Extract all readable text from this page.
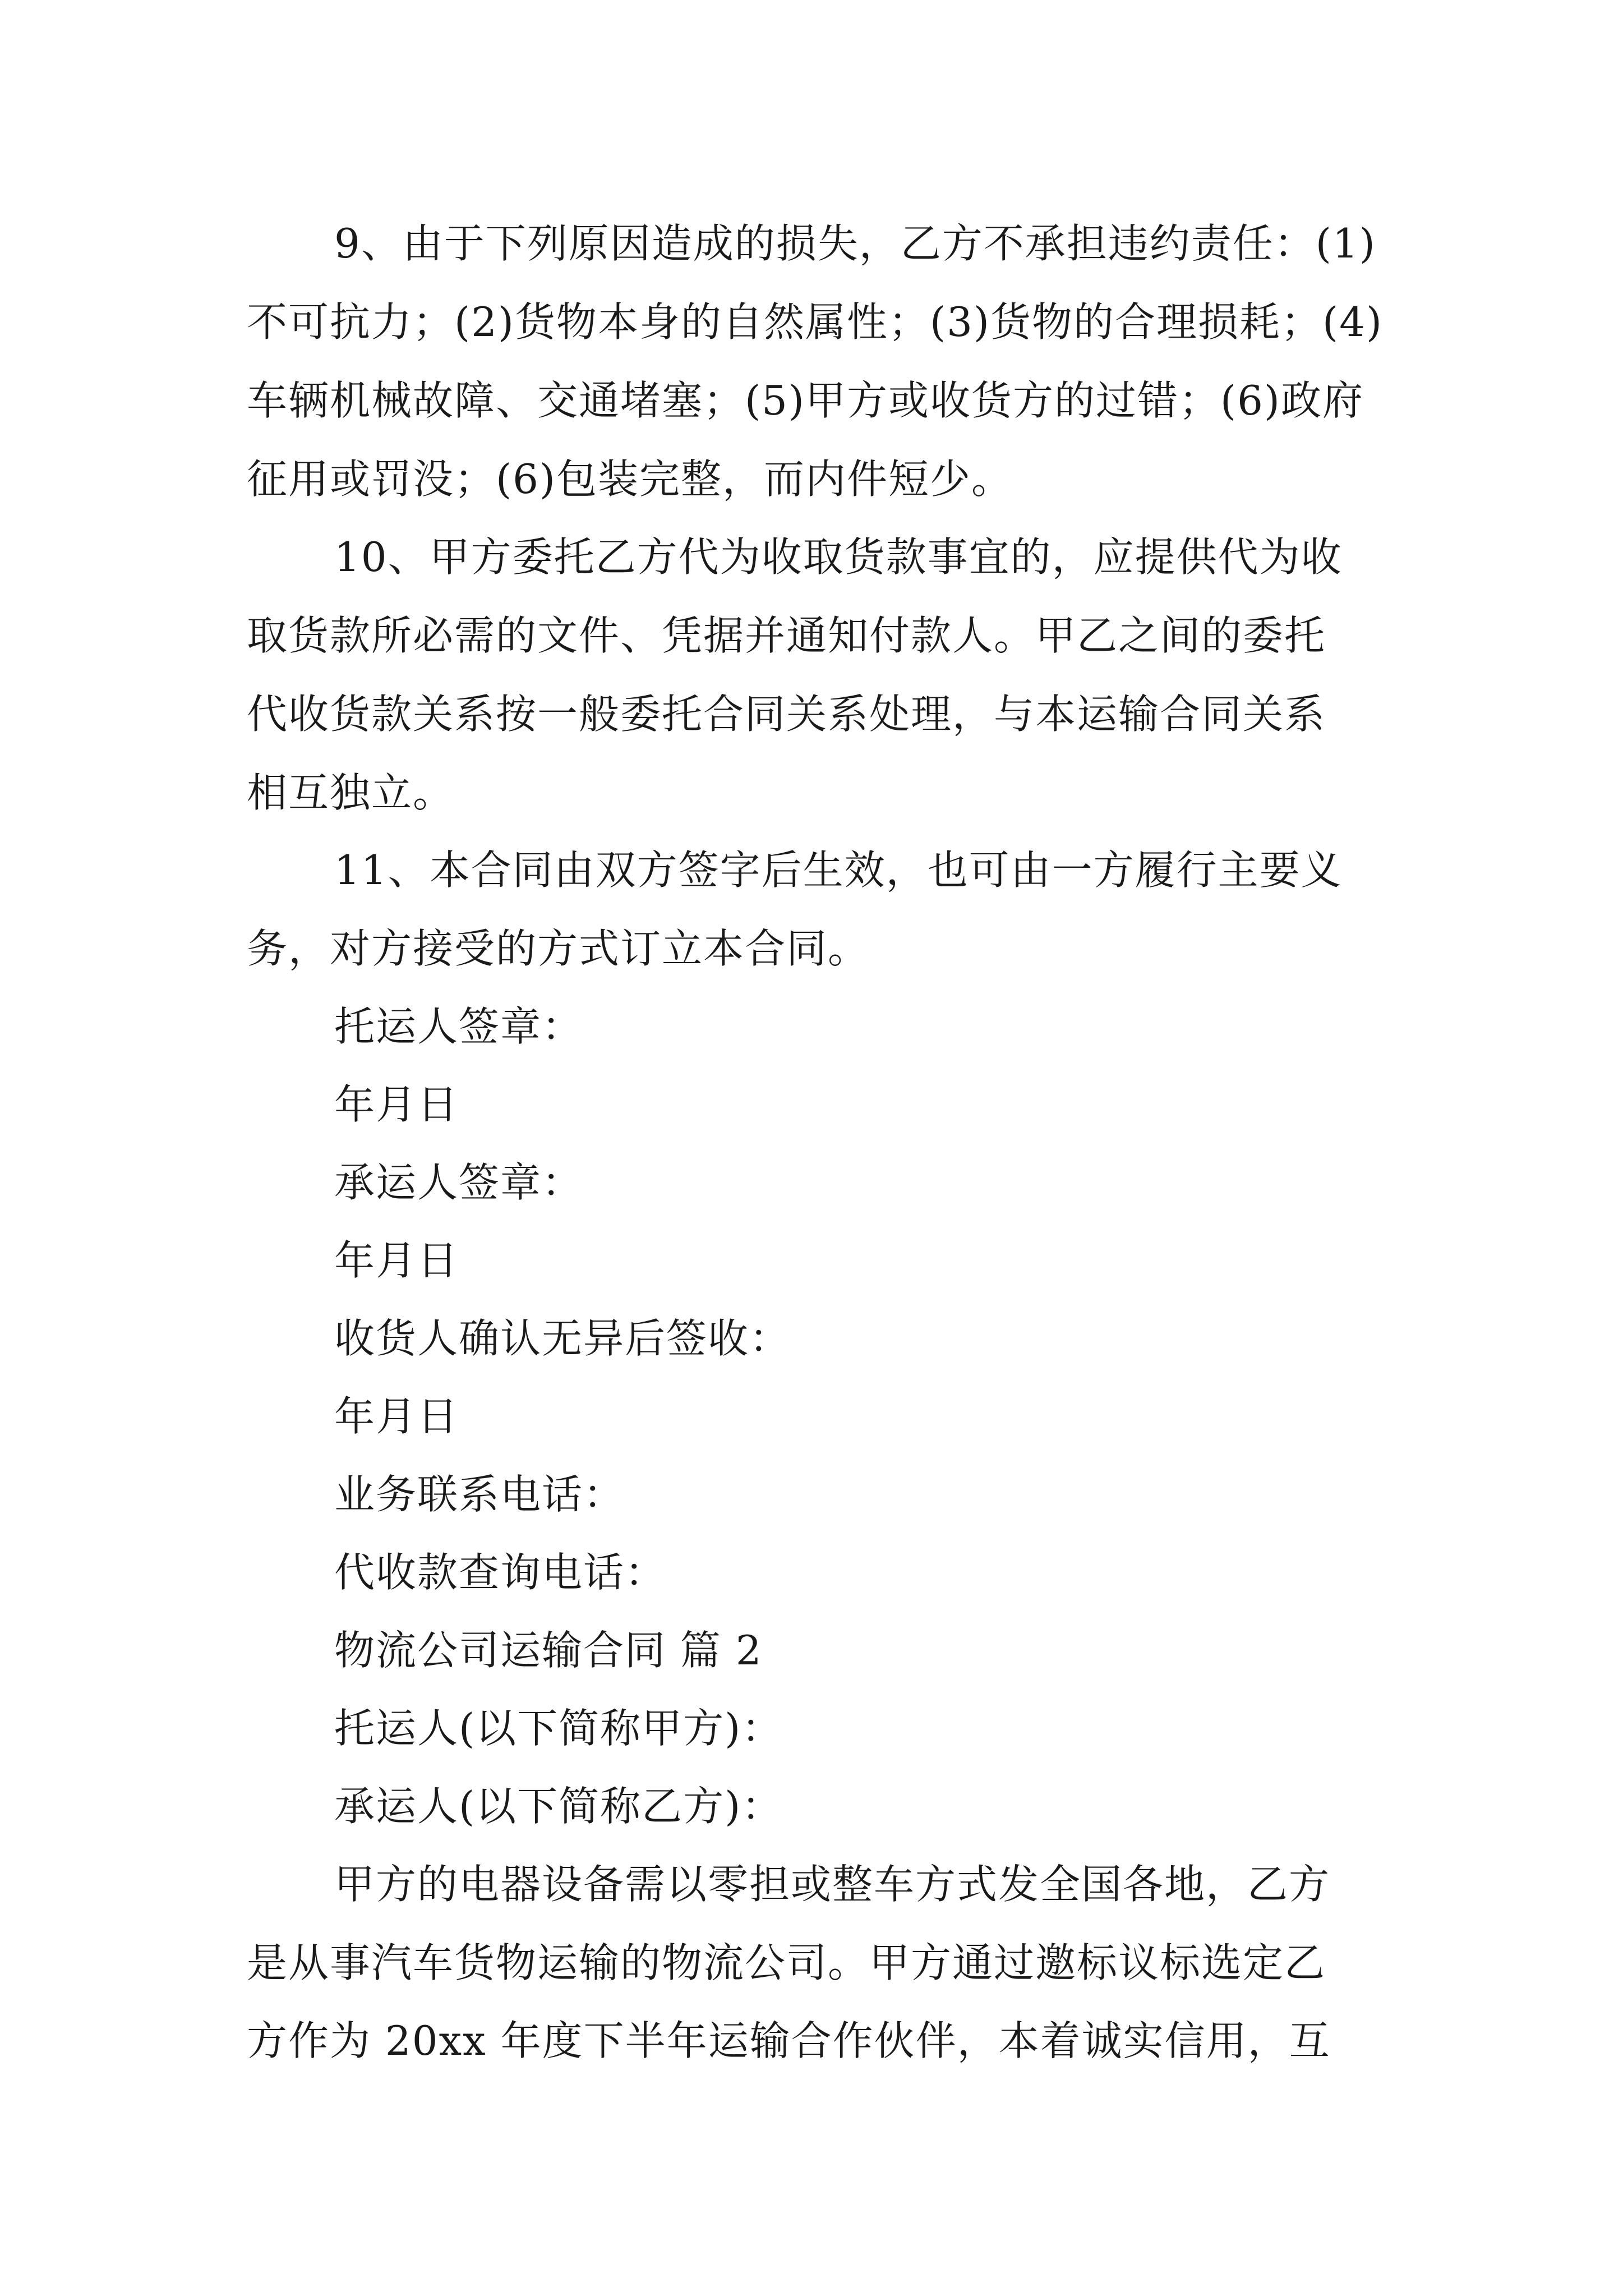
9、由于下列原因造成的损失，乙方不承担违约责任：(1)
不可抗力；(2)货物本身的自然属性；(3)货物的合理损耗；(4)
车辆机械故障、交通堵塞；(5)甲方或收货方的过错；(6)政府
征用或罚没；(6)包装完整，而内件短少。
10、甲方委托乙方代为收取货款事宜的，应提供代为收
取货款所必需的文件、凭据并通知付款人。甲乙之间的委托
代收货款关系按一般委托合同关系处理，与本运输合同关系
相互独立。
11、本合同由双方签字后生效，也可由一方履行主要义
务，对方接受的方式订立本合同。
托运人签章：
年月日
承运人签章：
年月日
收货人确认无异后签收：
年月日
业务联系电话：
代收款查询电话：
物流公司运输合同 篇 2
托运人(以下简称甲方)：
承运人(以下简称乙方)：
甲方的电器设备需以零担或整车方式发全国各地，乙方
是从事汽车货物运输的物流公司。甲方通过邀标议标选定乙
方作为 20xx 年度下半年运输合作伙伴，本着诚实信用，互
